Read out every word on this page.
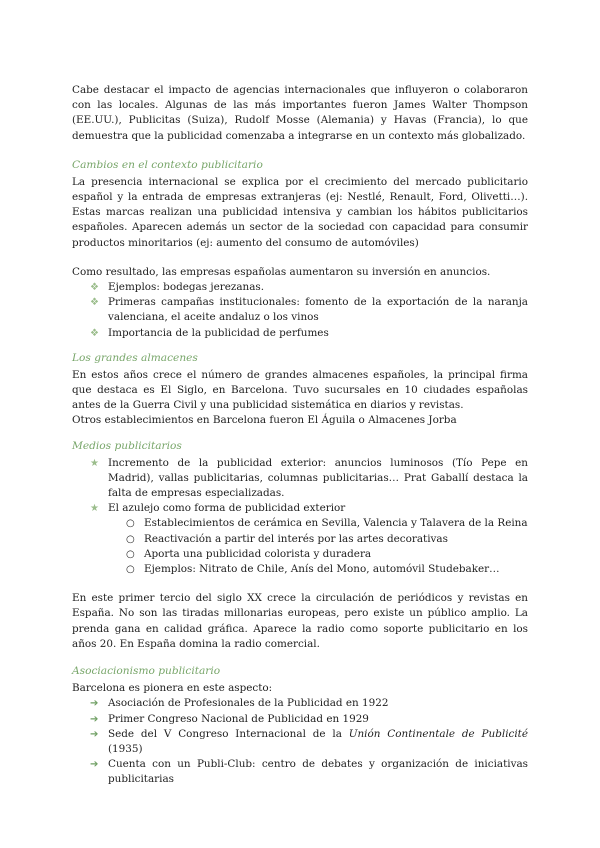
Cabe destacar el impacto de agencias internacionales que influyeron o colaboraron con las locales. Algunas de las más importantes fueron James Walter Thompson (EE.UU.), Publicitas (Suiza), Rudolf Mosse (Alemania) y Havas (Francia), lo que demuestra que la publicidad comenzaba a integrarse en un contexto más globalizado.

Cambios en el contexto publicitario

La presencia internacional se explica por el crecimiento del mercado publicitario español y la entrada de empresas extranjeras (ej: Nestlé, Renault, Ford, Olivetti…). Estas marcas realizan una publicidad intensiva y cambian los hábitos publicitarios españoles. Aparecen además un sector de la sociedad con capacidad para consumir productos minoritarios (ej: aumento del consumo de automóviles)

Como resultado, las empresas españolas aumentaron su inversión en anuncios.

❖ Ejemplos: bodegas jerezanas.
❖ Primeras campañas institucionales: fomento de la exportación de la naranja valenciana, el aceite andaluz o los vinos
❖ Importancia de la publicidad de perfumes
Los grandes almacenes

En estos años crece el número de grandes almacenes españoles, la principal firma que destaca es El Siglo, en Barcelona. Tuvo sucursales en 10 ciudades españolas antes de la Guerra Civil y una publicidad sistemática en diarios y revistas.

Otros establecimientos en Barcelona fueron El Águila o Almacenes Jorba

Medios publicitarios
★ Incremento de la publicidad exterior: anuncios luminosos (Tío Pepe en Madrid), vallas publicitarias, columnas publicitarias… Prat Gaballí destaca la falta de empresas especializadas.
★ El azulejo como forma de publicidad exterior
○ Establecimientos de cerámica en Sevilla, Valencia y Talavera de la Reina
○ Reactivación a partir del interés por las artes decorativas
○ Aporta una publicidad colorista y duradera
○ Ejemplos: Nitrato de Chile, Anís del Mono, automóvil Studebaker…

En este primer tercio del siglo XX crece la circulación de periódicos y revistas en España. No son las tiradas millonarias europeas, pero existe un público amplio. La prenda gana en calidad gráfica. Aparece la radio como soporte publicitario en los años 20. En España domina la radio comercial.

Asociacionismo publicitario

Barcelona es pionera en este aspecto:

➔ Asociación de Profesionales de la Publicidad en 1922
➔ Primer Congreso Nacional de Publicidad en 1929
➔ Sede del V Congreso Internacional de la Unión Continentale de Publicité (1935)
➔ Cuenta con un Publi-Club: centro de debates y organización de iniciativas publicitarias
